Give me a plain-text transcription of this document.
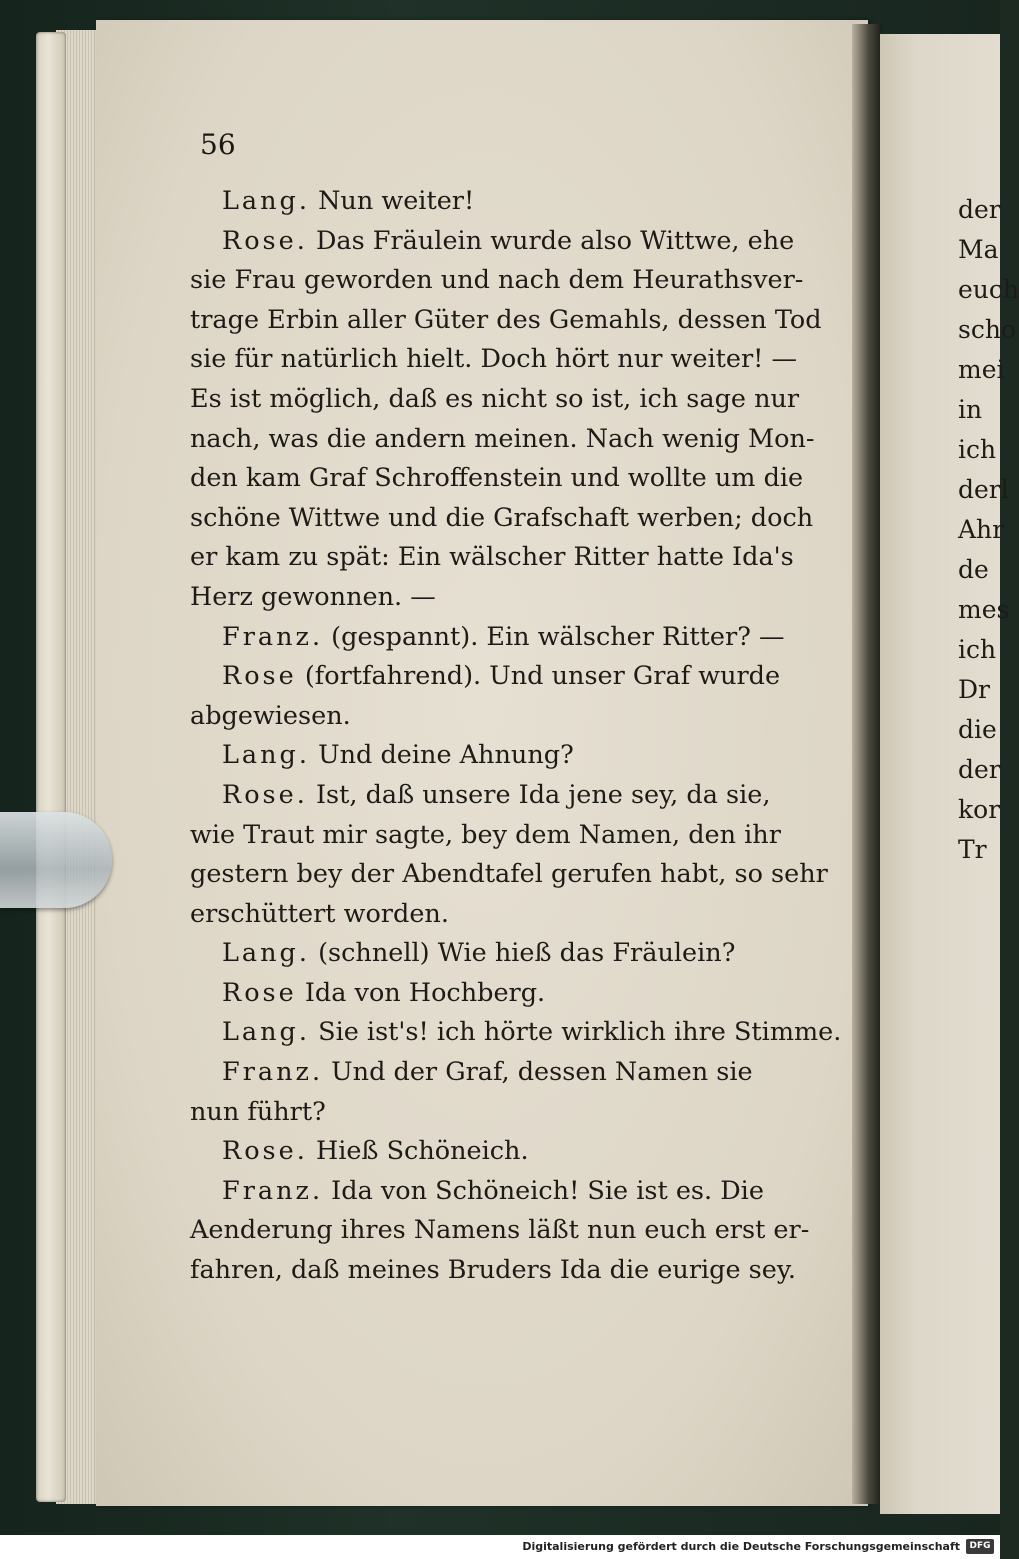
56
Lang. Nun weiter!
Rose. Das Fräulein wurde also Wittwe, ehe
sie Frau geworden und nach dem Heurathsver-
trage Erbin aller Güter des Gemahls, dessen Tod
sie für natürlich hielt. Doch hört nur weiter! —
Es ist möglich, daß es nicht so ist, ich sage nur
nach, was die andern meinen. Nach wenig Mon-
den kam Graf Schroffenstein und wollte um die
schöne Wittwe und die Grafschaft werben; doch
er kam zu spät: Ein wälscher Ritter hatte Ida's
Herz gewonnen. —
Franz. (gespannt). Ein wälscher Ritter? —
Rose (fortfahrend). Und unser Graf wurde
abgewiesen.
Lang. Und deine Ahnung?
Rose. Ist, daß unsere Ida jene sey, da sie,
wie Traut mir sagte, bey dem Namen, den ihr
gestern bey der Abendtafel gerufen habt, so sehr
erschüttert worden.
Lang. (schnell) Wie hieß das Fräulein?
Rose Ida von Hochberg.
Lang. Sie ist's! ich hörte wirklich ihre Stimme.
Franz. Und der Graf, dessen Namen sie
nun führt?
Rose. Hieß Schöneich.
Franz. Ida von Schöneich! Sie ist es. Die
Aenderung ihres Namens läßt nun euch erst er-
fahren, daß meines Bruders Ida die eurige sey.
der
Ma
euch
scho
mei
in
ich
derl
Ahr
de
mes
ich
Dr
die
der
kor
Tr
Digitalisierung gefördert durch die Deutsche Forschungsgemeinschaft	DFG
